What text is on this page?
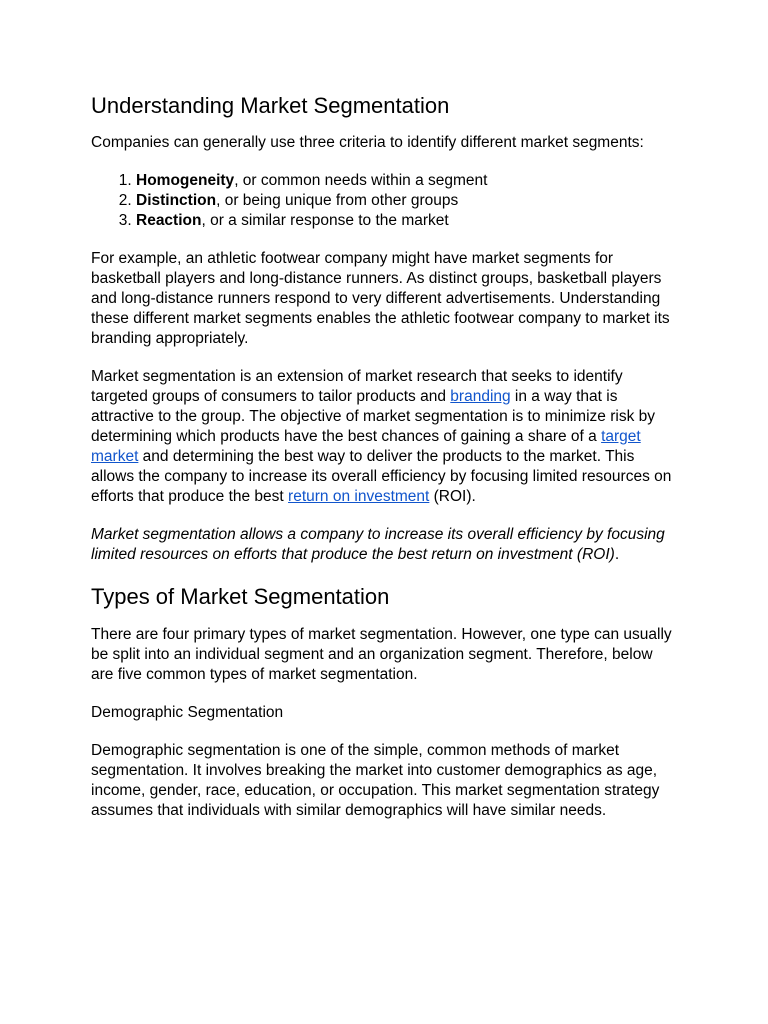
Understanding Market Segmentation

Companies can generally use three criteria to identify different market segments:

1. Homogeneity, or common needs within a segment
2. Distinction, or being unique from other groups
3. Reaction, or a similar response to the market

For example, an athletic footwear company might have market segments for basketball players and long-distance runners. As distinct groups, basketball players and long-distance runners respond to very different advertisements. Understanding these different market segments enables the athletic footwear company to market its branding appropriately.

Market segmentation is an extension of market research that seeks to identify targeted groups of consumers to tailor products and branding in a way that is attractive to the group. The objective of market segmentation is to minimize risk by determining which products have the best chances of gaining a share of a target market and determining the best way to deliver the products to the market. This allows the company to increase its overall efficiency by focusing limited resources on efforts that produce the best return on investment (ROI).

Market segmentation allows a company to increase its overall efficiency by focusing limited resources on efforts that produce the best return on investment (ROI).

Types of Market Segmentation

There are four primary types of market segmentation. However, one type can usually be split into an individual segment and an organization segment. Therefore, below are five common types of market segmentation.

Demographic Segmentation

Demographic segmentation is one of the simple, common methods of market segmentation. It involves breaking the market into customer demographics as age, income, gender, race, education, or occupation. This market segmentation strategy assumes that individuals with similar demographics will have similar needs.
